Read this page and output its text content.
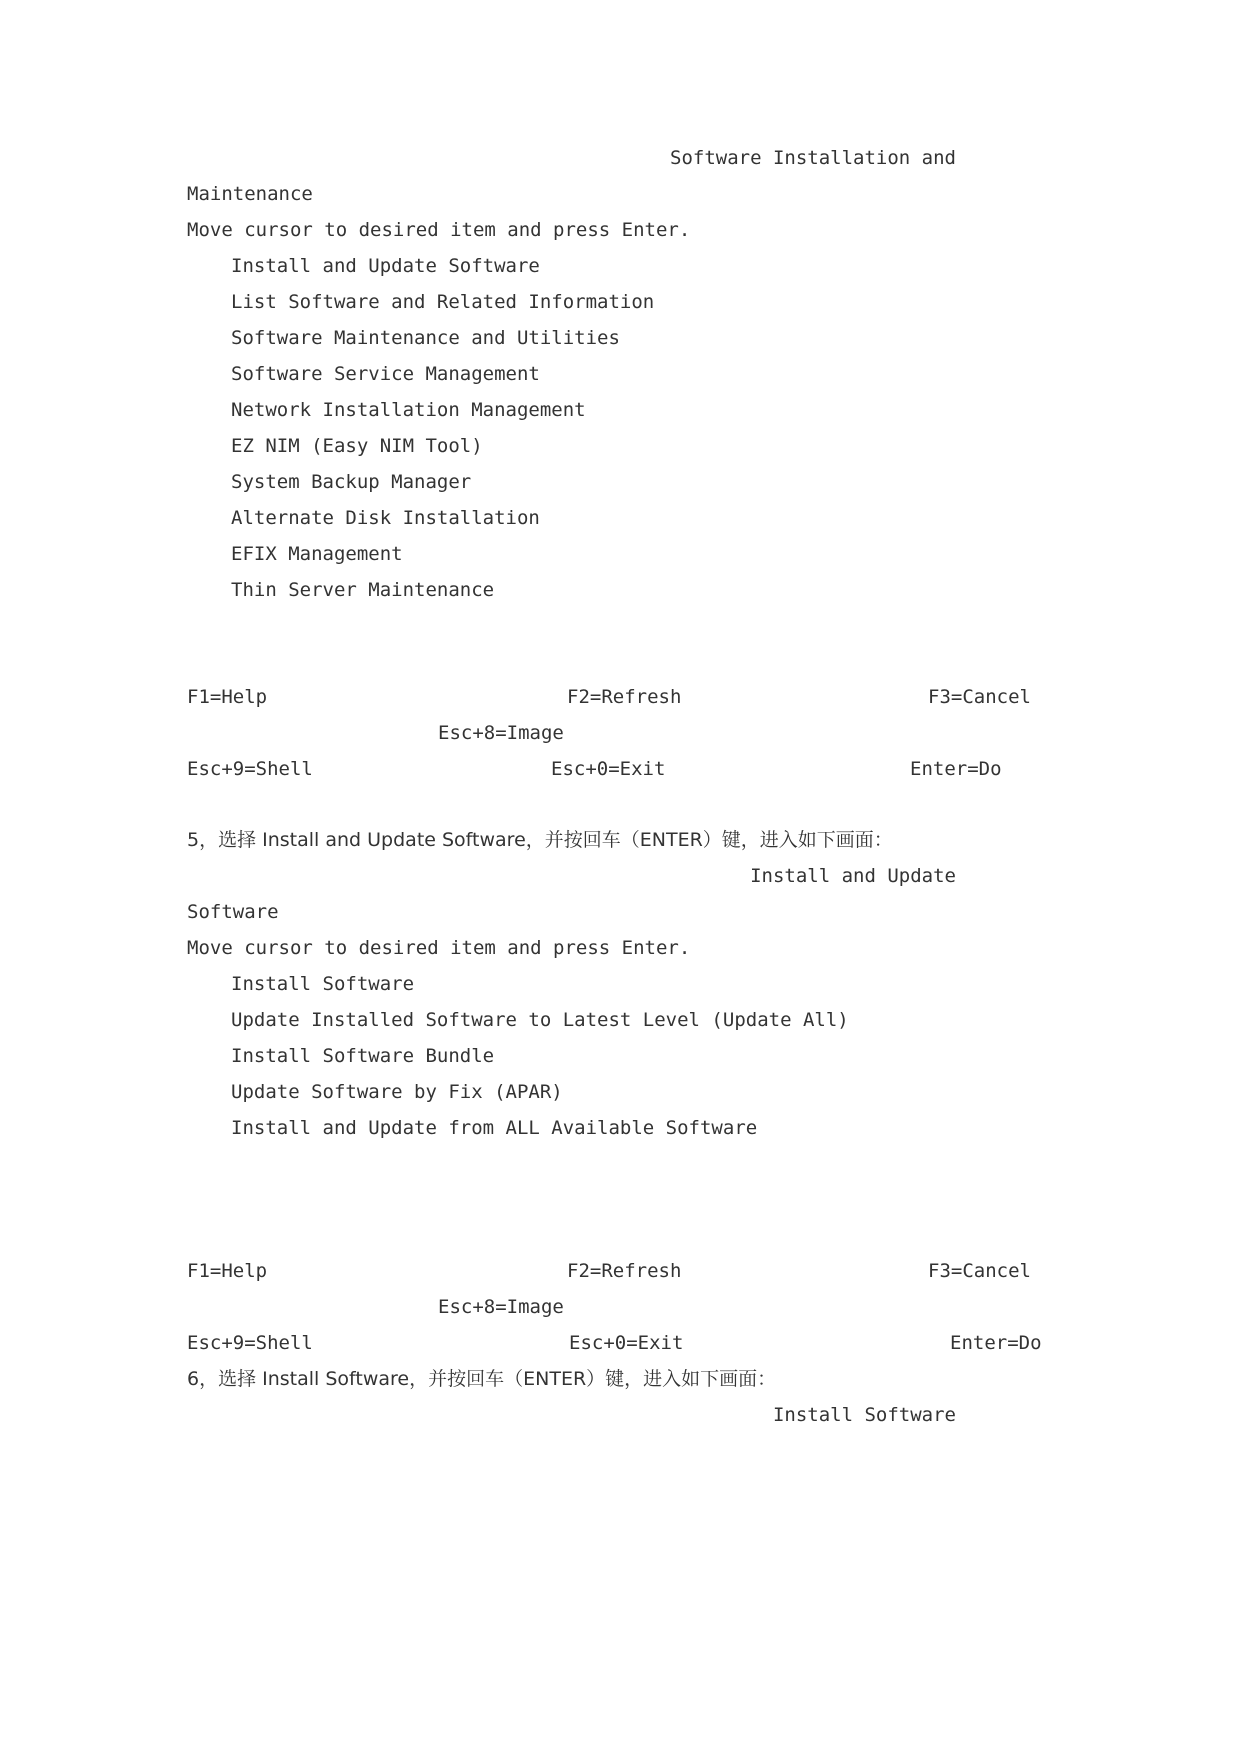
Software Installation and
Maintenance
Move cursor to desired item and press Enter.
Install and Update Software
List Software and Related Information
Software Maintenance and Utilities
Software Service Management
Network Installation Management
EZ NIM (Easy NIM Tool)
System Backup Manager
Alternate Disk Installation
EFIX Management
Thin Server Maintenance
F1=Help	F2=Refresh	F3=Cancel
Esc+8=Image
Esc+9=Shell	Esc+0=Exit	Enter=Do
5，选择 Install and Update Software，并按回车（ENTER）键，进入如下画面：
Install and Update
Software
Move cursor to desired item and press Enter.
Install Software
Update Installed Software to Latest Level (Update All)
Install Software Bundle
Update Software by Fix (APAR)
Install and Update from ALL Available Software
F1=Help	F2=Refresh	F3=Cancel
Esc+8=Image
Esc+9=Shell	Esc+0=Exit	Enter=Do
6，选择 Install Software，并按回车（ENTER）键，进入如下画面：
Install Software
